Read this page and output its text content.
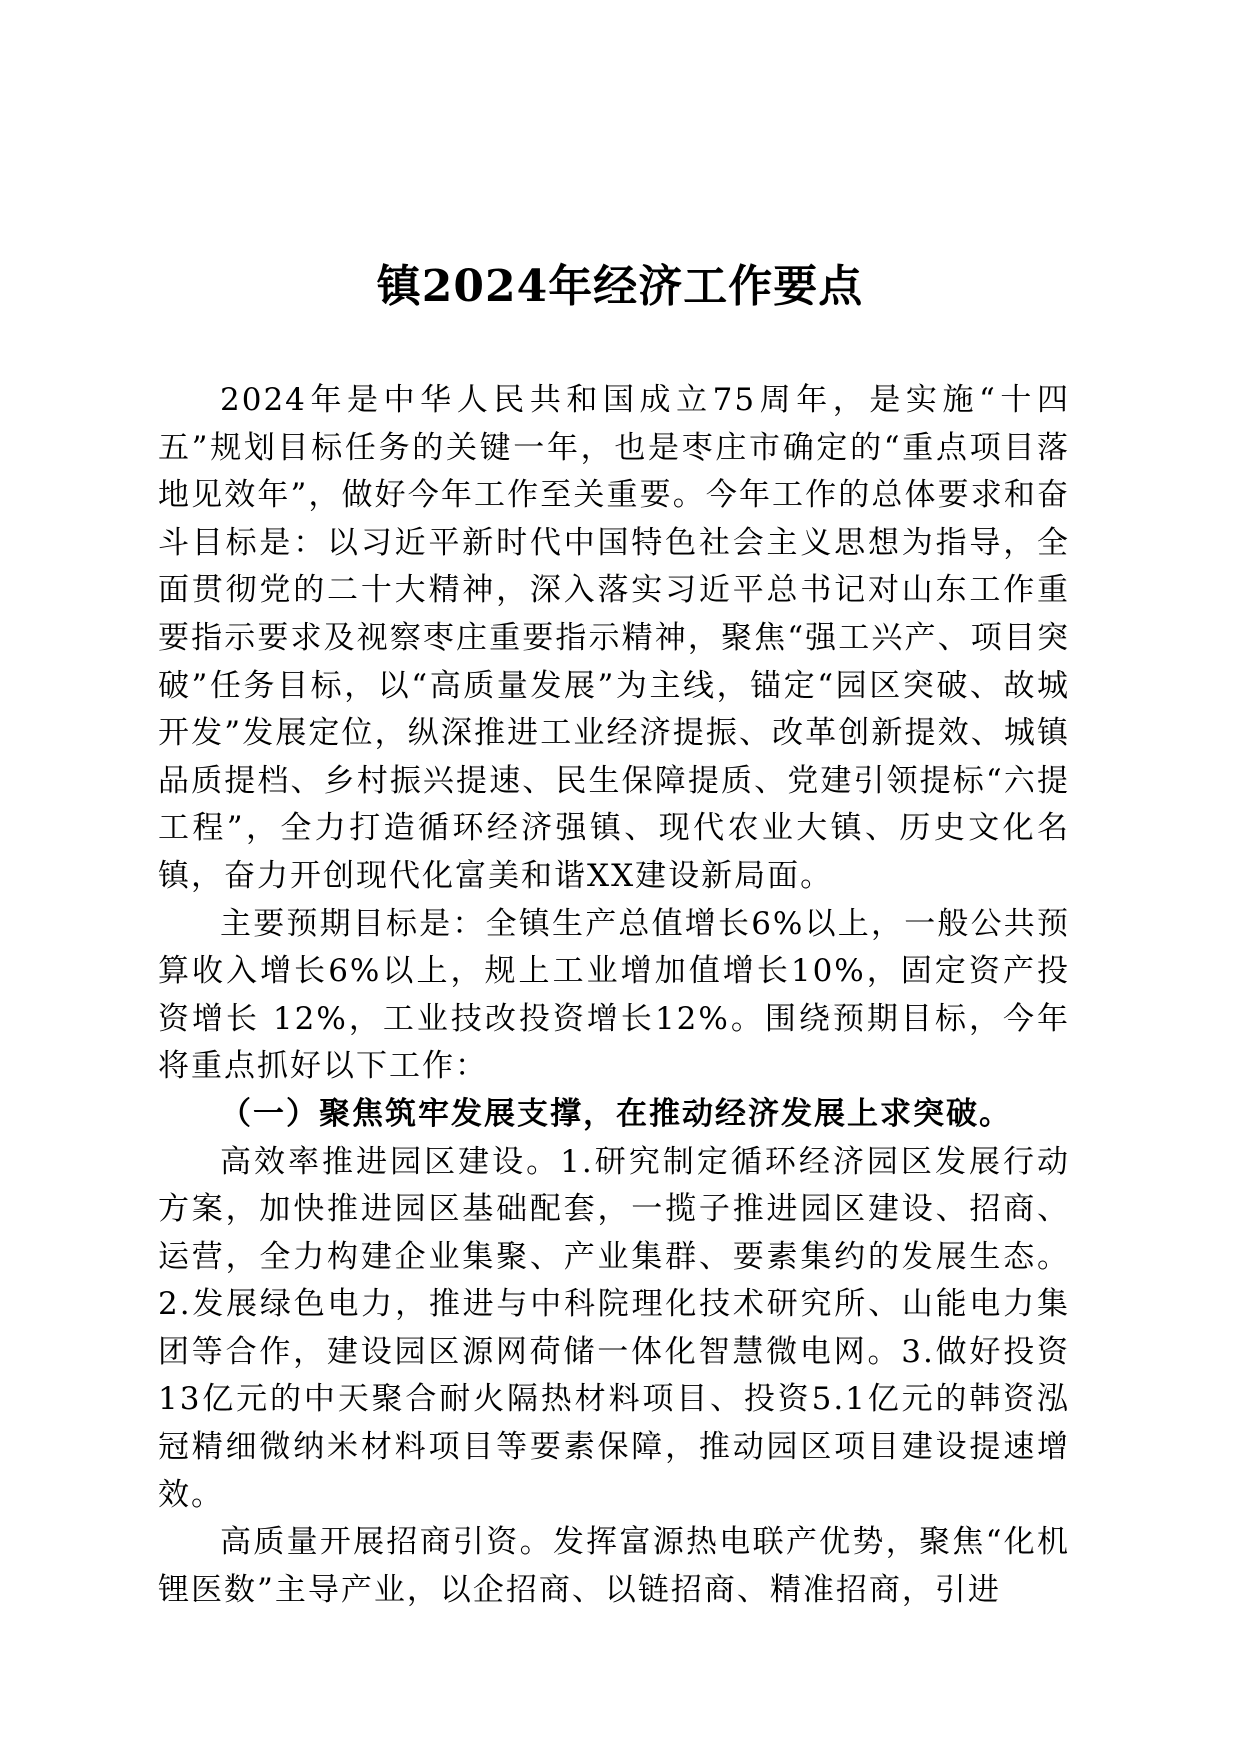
镇2024年经济工作要点

2024年是中华人民共和国成立75周年，是实施“十四五”规划目标任务的关键一年，也是枣庄市确定的“重点项目落地见效年”，做好今年工作至关重要。今年工作的总体要求和奋斗目标是：以习近平新时代中国特色社会主义思想为指导，全面贯彻党的二十大精神，深入落实习近平总书记对山东工作重要指示要求及视察枣庄重要指示精神，聚焦“强工兴产、项目突破”任务目标，以“高质量发展”为主线，锚定“园区突破、故城开发”发展定位，纵深推进工业经济提振、改革创新提效、城镇品质提档、乡村振兴提速、民生保障提质、党建引领提标“六提工程”，全力打造循环经济强镇、现代农业大镇、历史文化名镇，奋力开创现代化富美和谐XX建设新局面。

主要预期目标是：全镇生产总值增长6%以上，一般公共预算收入增长6%以上，规上工业增加值增长10%，固定资产投资增长 12%，工业技改投资增长12%。围绕预期目标，今年将重点抓好以下工作：

（一）聚焦筑牢发展支撑，在推动经济发展上求突破。

高效率推进园区建设。1.研究制定循环经济园区发展行动方案，加快推进园区基础配套，一揽子推进园区建设、招商、运营，全力构建企业集聚、产业集群、要素集约的发展生态。2.发展绿色电力，推进与中科院理化技术研究所、山能电力集团等合作，建设园区源网荷储一体化智慧微电网。3.做好投资13亿元的中天聚合耐火隔热材料项目、投资5.1亿元的韩资泓冠精细微纳米材料项目等要素保障，推动园区项目建设提速增效。

高质量开展招商引资。发挥富源热电联产优势，聚焦“化机锂医数”主导产业，以企招商、以链招商、精准招商，引进
